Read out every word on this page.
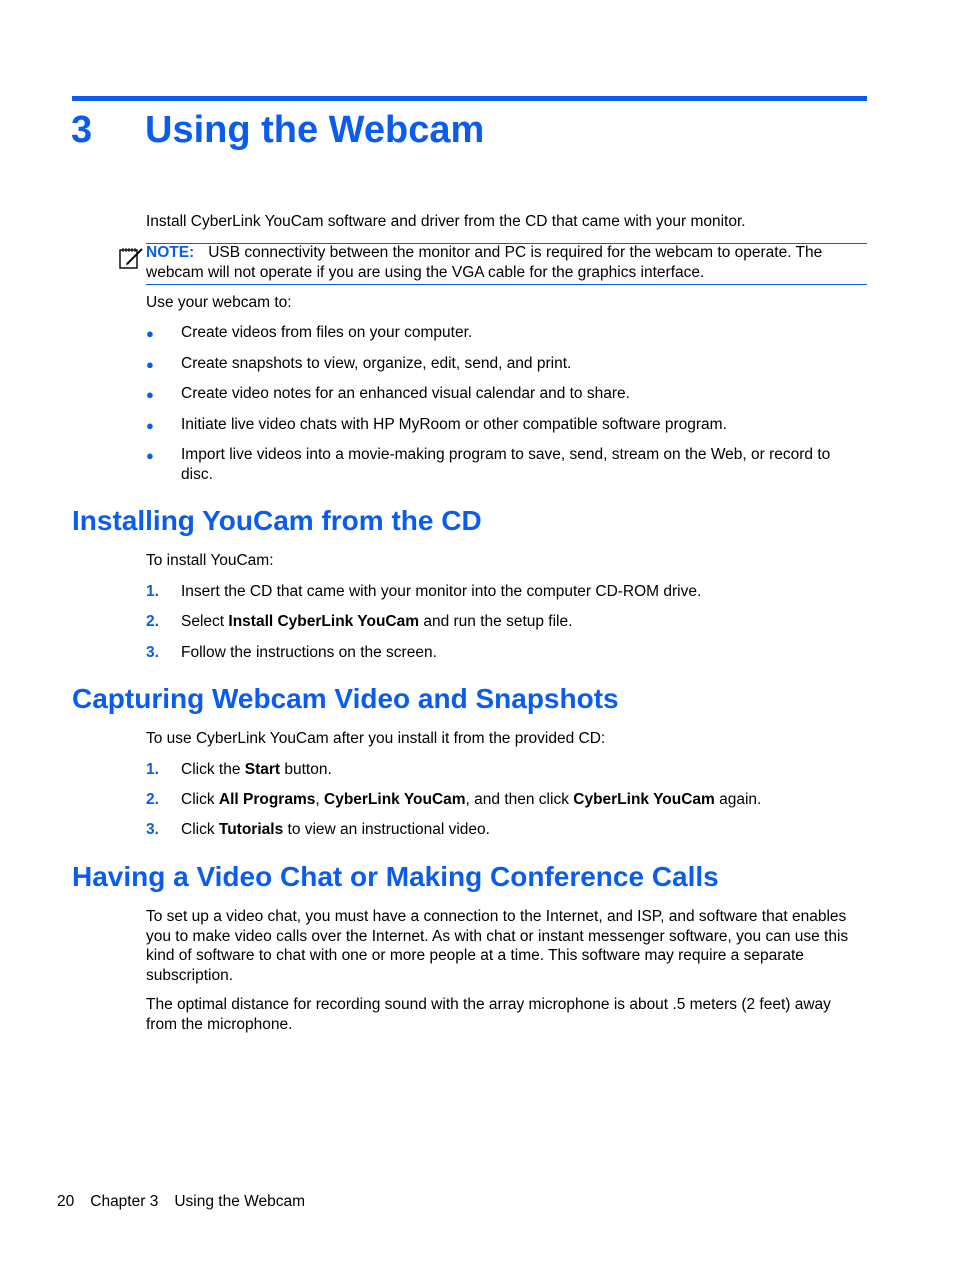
3 Using the Webcam
Install CyberLink YouCam software and driver from the CD that came with your monitor.
NOTE: USB connectivity between the monitor and PC is required for the webcam to operate. The webcam will not operate if you are using the VGA cable for the graphics interface.
Use your webcam to:
● Create videos from files on your computer.
● Create snapshots to view, organize, edit, send, and print.
● Create video notes for an enhanced visual calendar and to share.
● Initiate live video chats with HP MyRoom or other compatible software program.
● Import live videos into a movie-making program to save, send, stream on the Web, or record to disc.
Installing YouCam from the CD
To install YouCam:
1. Insert the CD that came with your monitor into the computer CD-ROM drive.
2. Select Install CyberLink YouCam and run the setup file.
3. Follow the instructions on the screen.
Capturing Webcam Video and Snapshots
To use CyberLink YouCam after you install it from the provided CD:
1. Click the Start button.
2. Click All Programs, CyberLink YouCam, and then click CyberLink YouCam again.
3. Click Tutorials to view an instructional video.
Having a Video Chat or Making Conference Calls
To set up a video chat, you must have a connection to the Internet, and ISP, and software that enables you to make video calls over the Internet. As with chat or instant messenger software, you can use this kind of software to chat with one or more people at a time. This software may require a separate subscription.
The optimal distance for recording sound with the array microphone is about .5 meters (2 feet) away from the microphone.
20 Chapter 3 Using the Webcam
